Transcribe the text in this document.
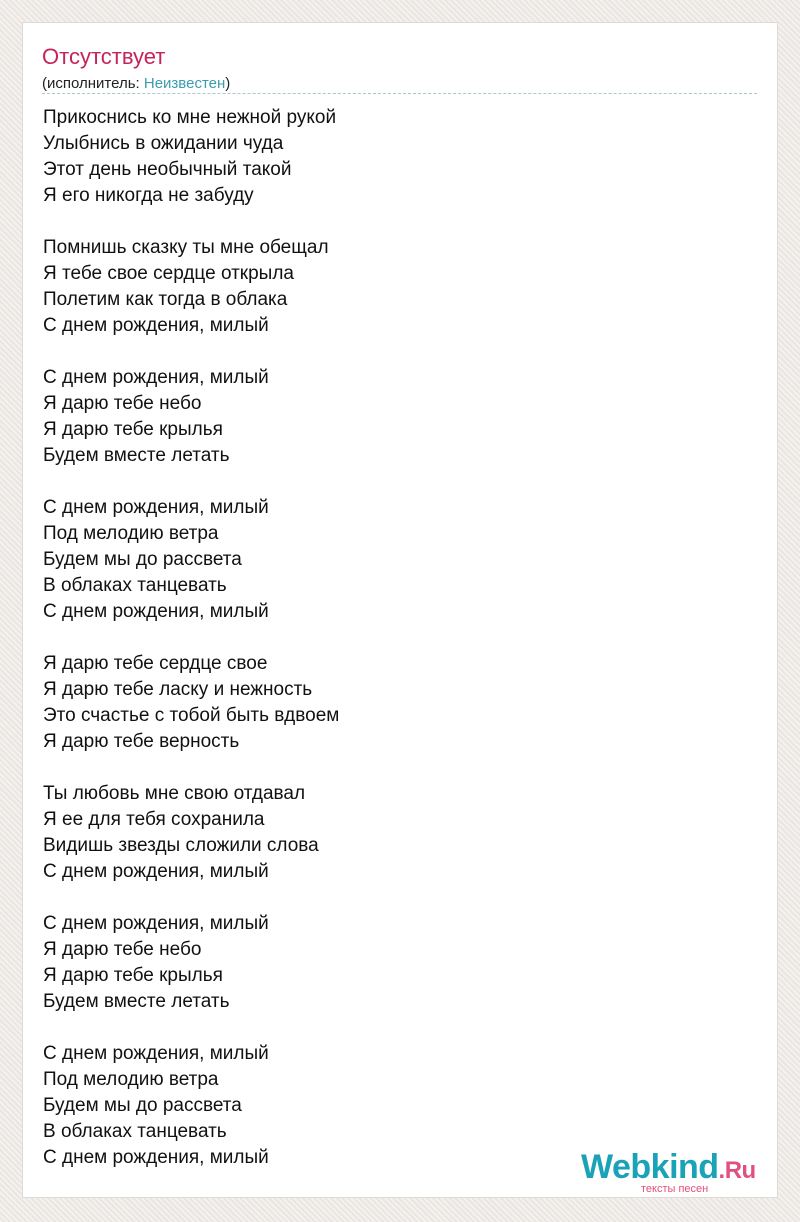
Отсутствует
(исполнитель: Неизвестен)
Прикоснись ко мне нежной рукой
Улыбнись в ожидании чуда
Этот день необычный такой
Я его никогда не забуду
Помнишь сказку ты мне обещал
Я тебе свое сердце открыла
Полетим как тогда в облака
С днем рождения, милый
С днем рождения, милый
Я дарю тебе небо
Я дарю тебе крылья
Будем вместе летать
С днем рождения, милый
Под мелодию ветра
Будем мы до рассвета
В облаках танцевать
С днем рождения, милый
Я дарю тебе сердце свое
Я дарю тебе ласку и нежность
Это счастье с тобой быть вдвоем
Я дарю тебе верность
Ты любовь мне свою отдавал
Я ее для тебя сохранила
Видишь звезды сложили слова
С днем рождения, милый
С днем рождения, милый
Я дарю тебе небо
Я дарю тебе крылья
Будем вместе летать
С днем рождения, милый
Под мелодию ветра
Будем мы до рассвета
В облаках танцевать
С днем рождения, милый	Webkind.Ru
тексты песен
